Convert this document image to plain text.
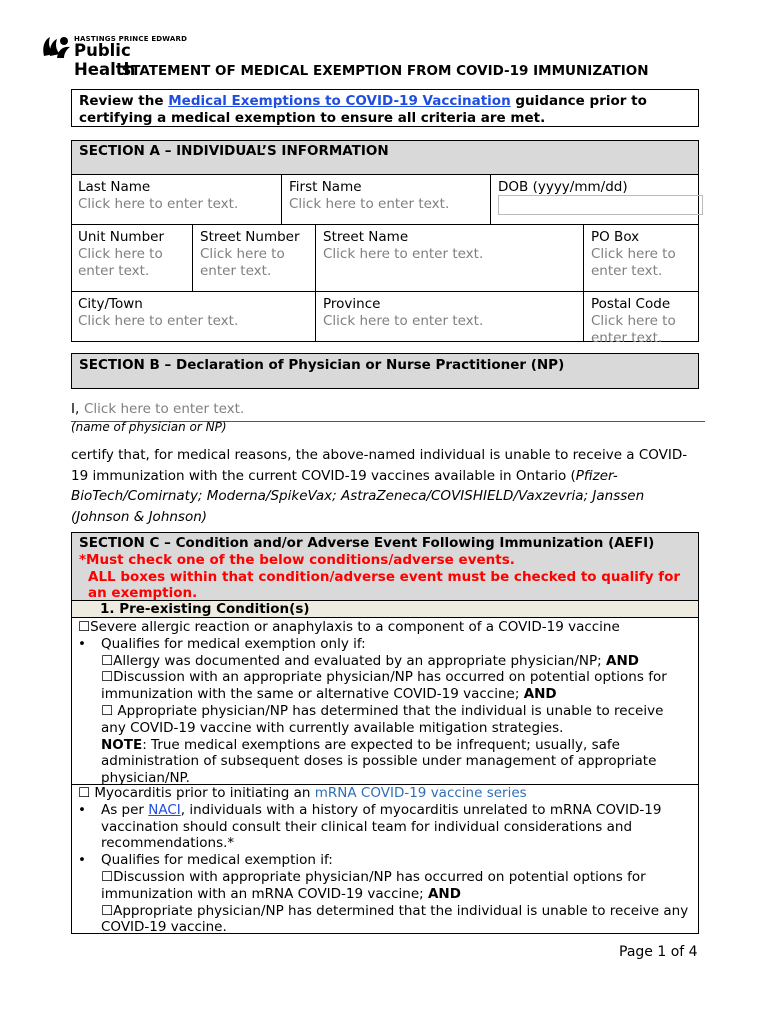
HASTINGS PRINCE EDWARD
Public Health
STATEMENT OF MEDICAL EXEMPTION FROM COVID-19 IMMUNIZATION
Review the Medical Exemptions to COVID-19 Vaccination guidance prior to certifying a medical exemption to ensure all criteria are met.
SECTION A – INDIVIDUAL’S INFORMATION
Last Name
Click here to enter text.
First Name
Click here to enter text.
DOB (yyyy/mm/dd)
Unit Number
Click here to
enter text.
Street Number
Click here to
enter text.
Street Name
Click here to enter text.
PO Box
Click here to
enter text.
City/Town
Click here to enter text.
Province
Click here to enter text.
Postal Code
Click here to
enter text.
SECTION B – Declaration of Physician or Nurse Practitioner (NP)
I, Click here to enter text.
(name of physician or NP)
certify that, for medical reasons, the above-named individual is unable to receive a COVID-19 immunization with the current COVID-19 vaccines available in Ontario (Pfizer-BioTech/Comirnaty; Moderna/SpikeVax; AstraZeneca/COVISHIELD/Vaxzevria; Janssen (Johnson & Johnson)
SECTION C – Condition and/or Adverse Event Following Immunization (AEFI)
*Must check one of the below conditions/adverse events.
ALL boxes within that condition/adverse event must be checked to qualify for an exemption.
1. Pre-existing Condition(s)
☐Severe allergic reaction or anaphylaxis to a component of a COVID-19 vaccine
• Qualifies for medical exemption only if:
☐Allergy was documented and evaluated by an appropriate physician/NP; AND
☐Discussion with an appropriate physician/NP has occurred on potential options for immunization with the same or alternative COVID-19 vaccine; AND
☐ Appropriate physician/NP has determined that the individual is unable to receive any COVID-19 vaccine with currently available mitigation strategies.
NOTE: True medical exemptions are expected to be infrequent; usually, safe administration of subsequent doses is possible under management of appropriate physician/NP.
☐ Myocarditis prior to initiating an mRNA COVID-19 vaccine series
• As per NACI, individuals with a history of myocarditis unrelated to mRNA COVID-19 vaccination should consult their clinical team for individual considerations and recommendations.*
• Qualifies for medical exemption if:
☐Discussion with appropriate physician/NP has occurred on potential options for immunization with an mRNA COVID-19 vaccine; AND
☐Appropriate physician/NP has determined that the individual is unable to receive any COVID-19 vaccine.
Page 1 of 4
